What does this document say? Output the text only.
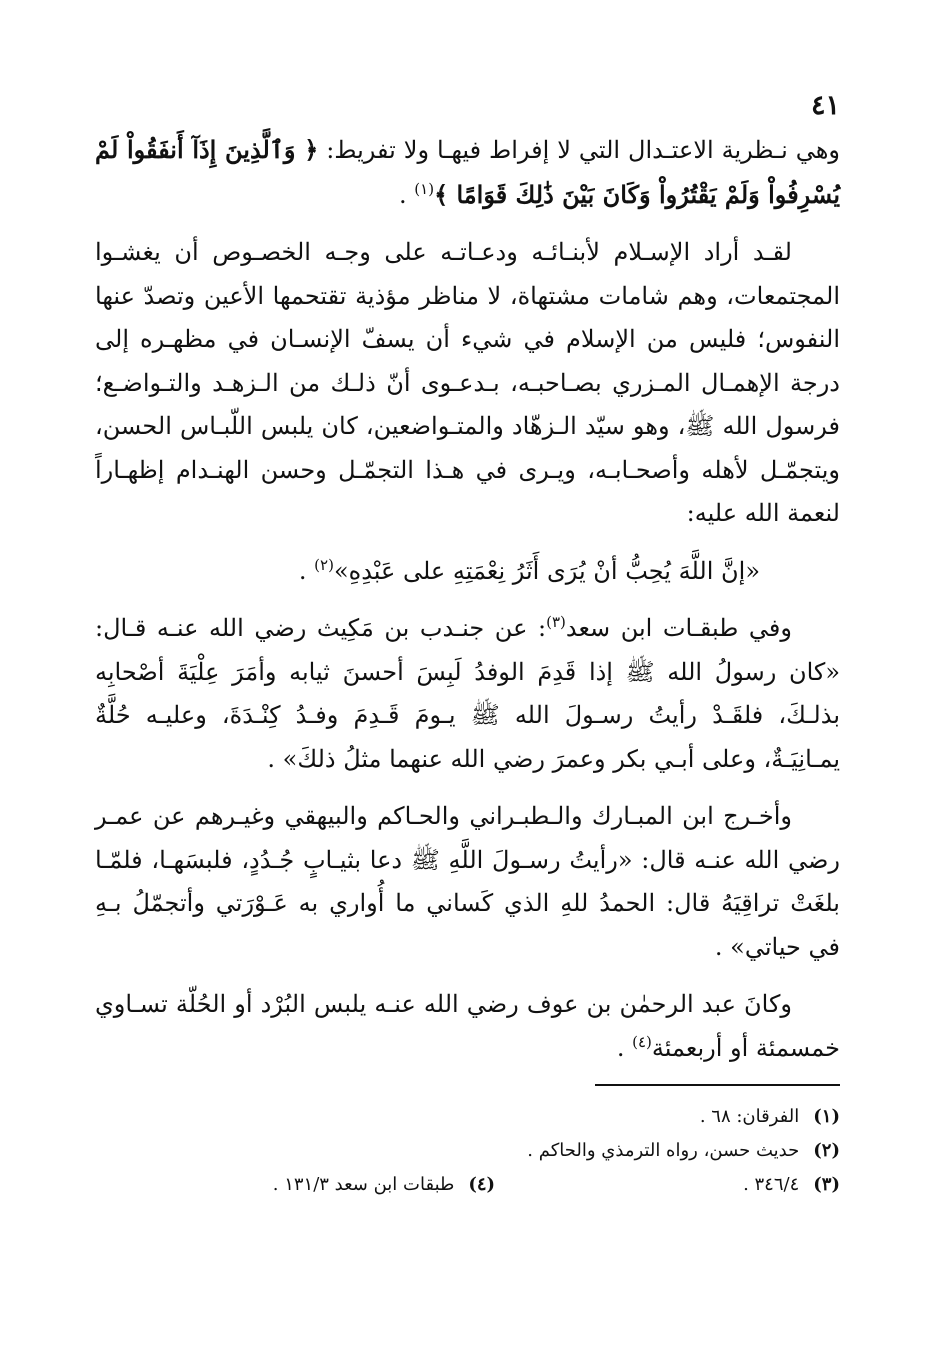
٤١

وهي نـظرية الاعتـدال التي لا إفراط فيهـا ولا تفريط: ﴿ وَٱلَّذِينَ إِذَآ أَنفَقُواْ لَمْ يُسْرِفُواْ وَلَمْ يَقْتُرُواْ وَكَانَ بَيْنَ ذَٰلِكَ قَوَامًا ﴾$^{(١)}$ .

لقـد أراد الإسـلام لأبنـائـه ودعـاتـه على وجـه الخصـوص أن يغشـوا المجتمعات، وهم شامات مشتهاة، لا مناظر مؤذية تقتحمها الأعين وتصدّ عنها النفوس؛ فليس من الإسلام في شيء أن يسفّ الإنسـان في مظهـره إلى درجة الإهمـال المـزري بصـاحبـه، بـدعـوى أنّ ذلـك من الـزهـد والتـواضـع؛ فرسول الله ﷺ، وهو سيّد الـزهّاد والمتـواضعين، كان يلبس اللّبـاس الحسن، ويتجمّـل لأهله وأصحـابـه، ويـرى في هـذا التجمّـل وحسن الهنـدام إظهـاراً لنعمة الله عليه:

«إنَّ اللَّهَ يُحِبُّ أنْ يُرَى أَثَرُ نِعْمَتِهِ على عَبْدِهِ»$^{(٢)}$ .

وفي طبقـات ابن سعد$^{(٣)}$: عن جنـدب بن مَكِيث رضي الله عنـه قـال: «كان رسولُ الله ﷺ إذا قَدِمَ الوفدُ لَبِسَ أحسنَ ثيابه وأمَرَ عِلْيَةَ أصْحابِه بذلـكَ، فلقَـدْ رأيتُ رسـولَ الله ﷺ يـومَ قَـدِمَ وفـدُ كِنْـدَةَ، وعليـه حُلَّةٌ يمـانِيَـةٌ، وعلى أبـي بكر وعمرَ رضي الله عنهما مثلُ ذلكَ» .

وأخـرج ابن المبـارك والـطبـراني والحـاكم والبيهقي وغيـرهم عن عمـر رضي الله عنـه قال: «رأيتُ رسـولَ اللَّهِ ﷺ دعا بثيـابٍ جُـدُدٍ، فلبسَهـا، فلمّـا بلغَتْ تراقِيَهُ قال: الحمدُ للهِ الذي كَساني ما أُواري به عَـوْرَتي وأتجمّلُ بـهِ في حياتي» .

وكانَ عبد الرحمٰن بن عوف رضي الله عنـه يلبس البُرْد أو الحُلّة تسـاوي خمسمئة أو أربعمئة$^{(٤)}$ .

(١)
الفرقان: ٦٨ .
(٢)
حديث حسن، رواه الترمذي والحاكم .
(٣)
٣٤٦/٤ .
(٤)
طبقات ابن سعد ١٣١/٣ .
